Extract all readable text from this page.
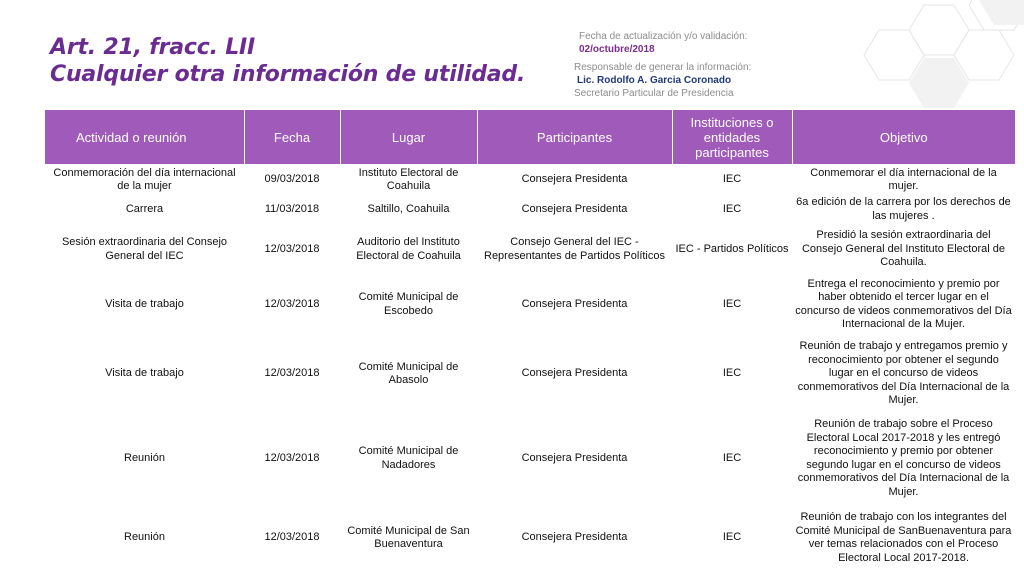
Art. 21, fracc. LII
Cualquier otra información de utilidad.
Fecha de actualización y/o validación:
02/octubre/2018
Responsable de generar la información:
Lic. Rodolfo A. Garcia Coronado
Secretario Particular de Presidencia
Actividad o reunión	Fecha	Lugar	Participantes	Instituciones o entidades participantes	Objetivo
Conmemoración del día internacional de la mujer	09/03/2018	Instituto Electoral de Coahuila	Consejera Presidenta	IEC	Conmemorar el día internacional de la mujer.
Carrera	11/03/2018	Saltillo, Coahuila	Consejera Presidenta	IEC	6a edición de la carrera por los derechos de las mujeres .
Sesión extraordinaria del Consejo General del IEC	12/03/2018	Auditorio del Instituto Electoral de Coahuila	Consejo General del IEC - Representantes de Partidos Políticos	IEC - Partidos Políticos	Presidió la sesión extraordinaria del Consejo General del Instituto Electoral de Coahuila.
Visita de trabajo	12/03/2018	Comité Municipal de Escobedo	Consejera Presidenta	IEC	Entrega el reconocimiento y premio por haber obtenido el tercer lugar en el concurso de videos conmemorativos del Día Internacional de la Mujer.
Visita de trabajo	12/03/2018	Comité Municipal de Abasolo	Consejera Presidenta	IEC	Reunión de trabajo y entregamos premio y reconocimiento por obtener el segundo lugar en el concurso de videos conmemorativos del Día Internacional de la Mujer.
Reunión	12/03/2018	Comité Municipal de Nadadores	Consejera Presidenta	IEC	Reunión de trabajo sobre el Proceso Electoral Local 2017-2018 y les entregó reconocimiento y premio por obtener segundo lugar en el concurso de videos conmemorativos del Día Internacional de la Mujer.
Reunión	12/03/2018	Comité Municipal de San Buenaventura	Consejera Presidenta	IEC	Reunión de trabajo con los integrantes del Comité Municipal de SanBuenaventura para ver temas relacionados con el Proceso Electoral Local 2017-2018.
